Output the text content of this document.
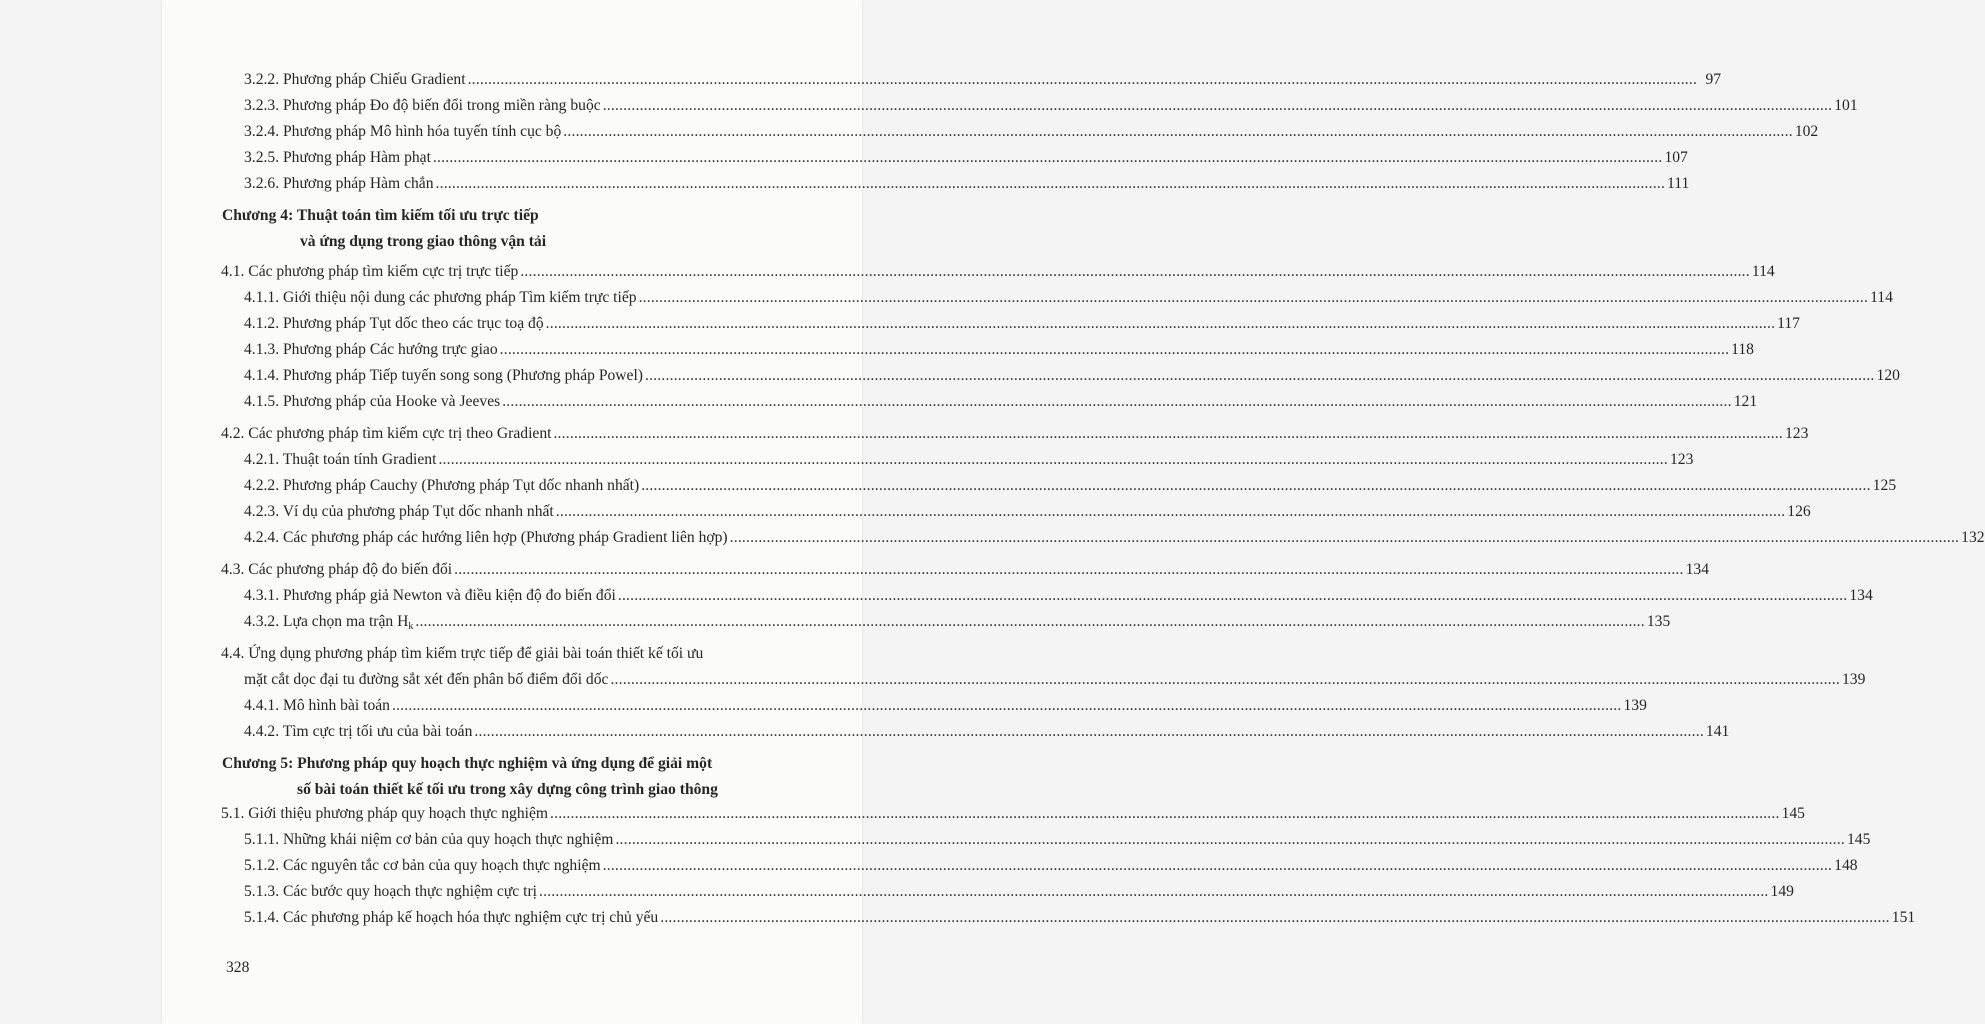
3.2.2. Phương pháp Chiếu Gradient ............................................................................................................................................................................................................................................................................................................ 97
3.2.3. Phương pháp Đo độ biến đổi trong miền ràng buộc ............................................................................................................................................................................................................................................................................................................ 101
3.2.4. Phương pháp Mô hình hóa tuyến tính cục bộ ............................................................................................................................................................................................................................................................................................................ 102
3.2.5. Phương pháp Hàm phạt ............................................................................................................................................................................................................................................................................................................ 107
3.2.6. Phương pháp Hàm chắn ............................................................................................................................................................................................................................................................................................................ 111
Chương 4: Thuật toán tìm kiếm tối ưu trực tiếp
và ứng dụng trong giao thông vận tải
4.1. Các phương pháp tìm kiếm cực trị trực tiếp ............................................................................................................................................................................................................................................................................................................ 114
4.1.1. Giới thiệu nội dung các phương pháp Tìm kiếm trực tiếp ............................................................................................................................................................................................................................................................................................................ 114
4.1.2. Phương pháp Tụt dốc theo các trục toạ độ ............................................................................................................................................................................................................................................................................................................ 117
4.1.3. Phương pháp Các hướng trực giao ............................................................................................................................................................................................................................................................................................................ 118
4.1.4. Phương pháp Tiếp tuyến song song (Phương pháp Powel) ............................................................................................................................................................................................................................................................................................................ 120
4.1.5. Phương pháp của Hooke và Jeeves ............................................................................................................................................................................................................................................................................................................ 121
4.2. Các phương pháp tìm kiếm cực trị theo Gradient ............................................................................................................................................................................................................................................................................................................ 123
4.2.1. Thuật toán tính Gradient ............................................................................................................................................................................................................................................................................................................ 123
4.2.2. Phương pháp Cauchy (Phương pháp Tụt dốc nhanh nhất) ............................................................................................................................................................................................................................................................................................................ 125
4.2.3. Ví dụ của phương pháp Tụt dốc nhanh nhất ............................................................................................................................................................................................................................................................................................................ 126
4.2.4. Các phương pháp các hướng liên hợp (Phương pháp Gradient liên hợp) ............................................................................................................................................................................................................................................................................................................ 132
4.3. Các phương pháp độ đo biến đổi ............................................................................................................................................................................................................................................................................................................ 134
4.3.1. Phương pháp giả Newton và điều kiện độ đo biến đổi ............................................................................................................................................................................................................................................................................................................ 134
4.3.2. Lựa chọn ma trận $H_k$ ............................................................................................................................................................................................................................................................................................................ 135
4.4. Ứng dụng phương pháp tìm kiếm trực tiếp để giải bài toán thiết kế tối ưu
mặt cắt dọc đại tu đường sắt xét đến phân bố điểm đổi dốc ............................................................................................................................................................................................................................................................................................................ 139
4.4.1. Mô hình bài toán ............................................................................................................................................................................................................................................................................................................ 139
4.4.2. Tìm cực trị tối ưu của bài toán ............................................................................................................................................................................................................................................................................................................ 141
Chương 5: Phương pháp quy hoạch thực nghiệm và ứng dụng để giải một
số bài toán thiết kế tối ưu trong xây dựng công trình giao thông
5.1. Giới thiệu phương pháp quy hoạch thực nghiệm ............................................................................................................................................................................................................................................................................................................ 145
5.1.1. Những khái niệm cơ bản của quy hoạch thực nghiệm ............................................................................................................................................................................................................................................................................................................ 145
5.1.2. Các nguyên tắc cơ bản của quy hoạch thực nghiệm ............................................................................................................................................................................................................................................................................................................ 148
5.1.3. Các bước quy hoạch thực nghiệm cực trị ............................................................................................................................................................................................................................................................................................................ 149
5.1.4. Các phương pháp kế hoạch hóa thực nghiệm cực trị chủ yếu ............................................................................................................................................................................................................................................................................................................ 151
328
